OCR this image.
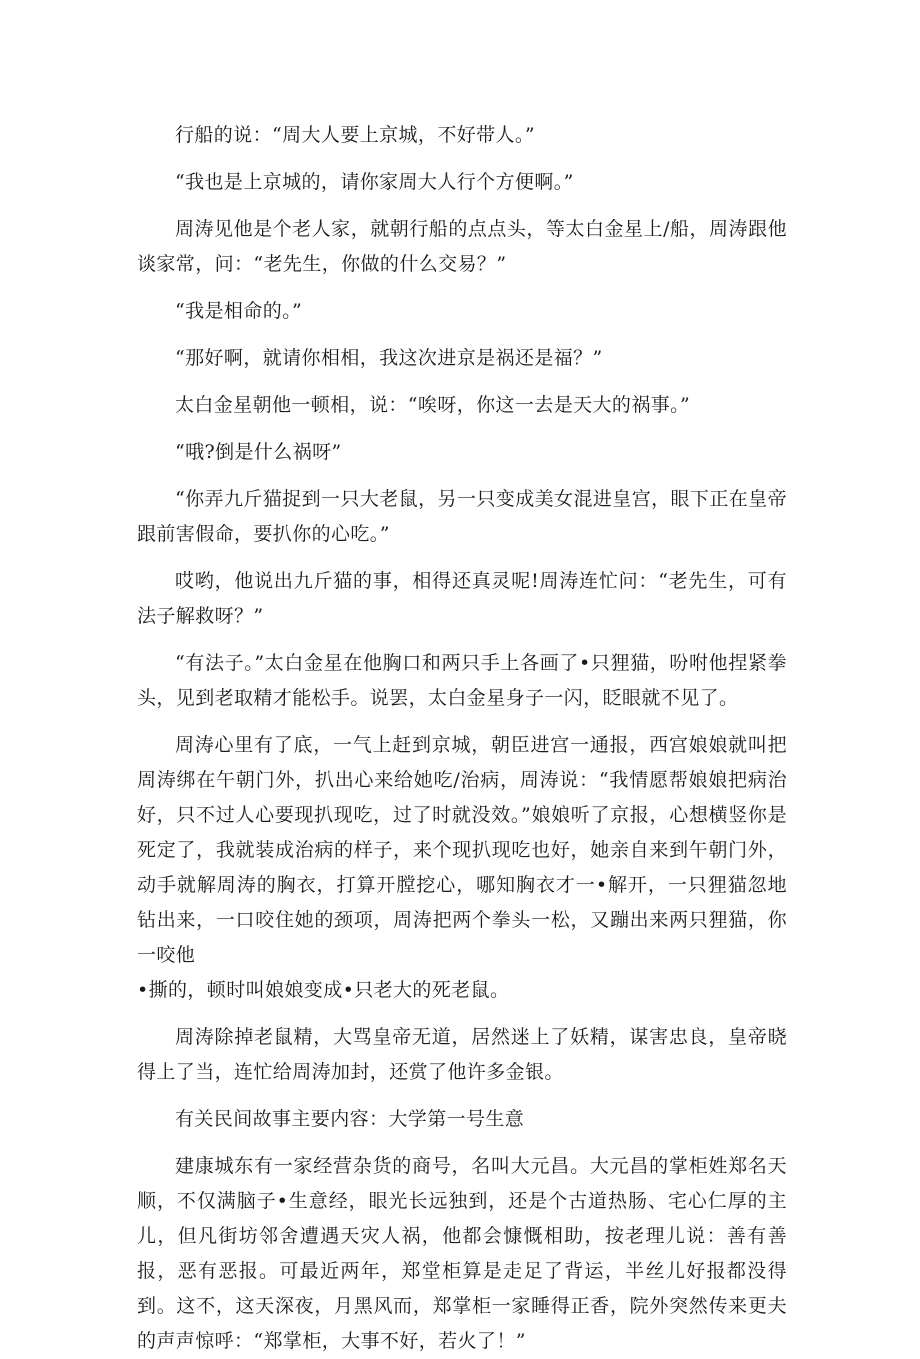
行船的说：“周大人要上京城，不好带人。”

“我也是上京城的，请你家周大人行个方便啊。”

周涛见他是个老人家，就朝行船的点点头，等太白金星上/船，周涛跟他谈家常，问：“老先生，你做的什么交易？”

“我是相命的。”

“那好啊，就请你相相，我这次进京是祸还是福？”

太白金星朝他一顿相，说：“唉呀，你这一去是天大的祸事。”

“哦?倒是什么祸呀”

“你弄九斤猫捉到一只大老鼠，另一只变成美女混进皇宫，眼下正在皇帝跟前害假命，要扒你的心吃。”

哎哟，他说出九斤猫的事，相得还真灵呢!周涛连忙问：“老先生，可有法子解救呀？”

“有法子。”太白金星在他胸口和两只手上各画了•只狸猫，吩咐他捏紧拳头，见到老取精才能松手。说罢，太白金星身子一闪，眨眼就不见了。

周涛心里有了底，一气上赶到京城，朝臣进宫一通报，西宫娘娘就叫把周涛绑在午朝门外，扒出心来给她吃/治病，周涛说：“我情愿帮娘娘把病治好，只不过人心要现扒现吃，过了时就没效。”娘娘听了京报，心想横竖你是死定了，我就装成治病的样子，来个现扒现吃也好，她亲自来到午朝门外，动手就解周涛的胸衣，打算开膛挖心，哪知胸衣才一•解开，一只狸猫忽地钻出来，一口咬住她的颈项，周涛把两个拳头一松，又蹦出来两只狸猫，你一咬他

•撕的，顿时叫娘娘变成•只老大的死老鼠。

周涛除掉老鼠精，大骂皇帝无道，居然迷上了妖精，谋害忠良，皇帝晓得上了当，连忙给周涛加封，还赏了他许多金银。

有关民间故事主要内容：大学第一号生意

建康城东有一家经营杂货的商号，名叫大元昌。大元昌的掌柜姓郑名天顺，不仅满脑子•生意经，眼光长远独到，还是个古道热肠、宅心仁厚的主儿，但凡街坊邻舍遭遇天灾人祸，他都会慷慨相助，按老理儿说：善有善报，恶有恶报。可最近两年，郑堂柜算是走足了背运，半丝儿好报都没得到。这不，这天深夜，月黑风而，郑掌柜一家睡得正香，院外突然传来更夫的声声惊呼：“郑掌柜，大事不好，若火了！”
